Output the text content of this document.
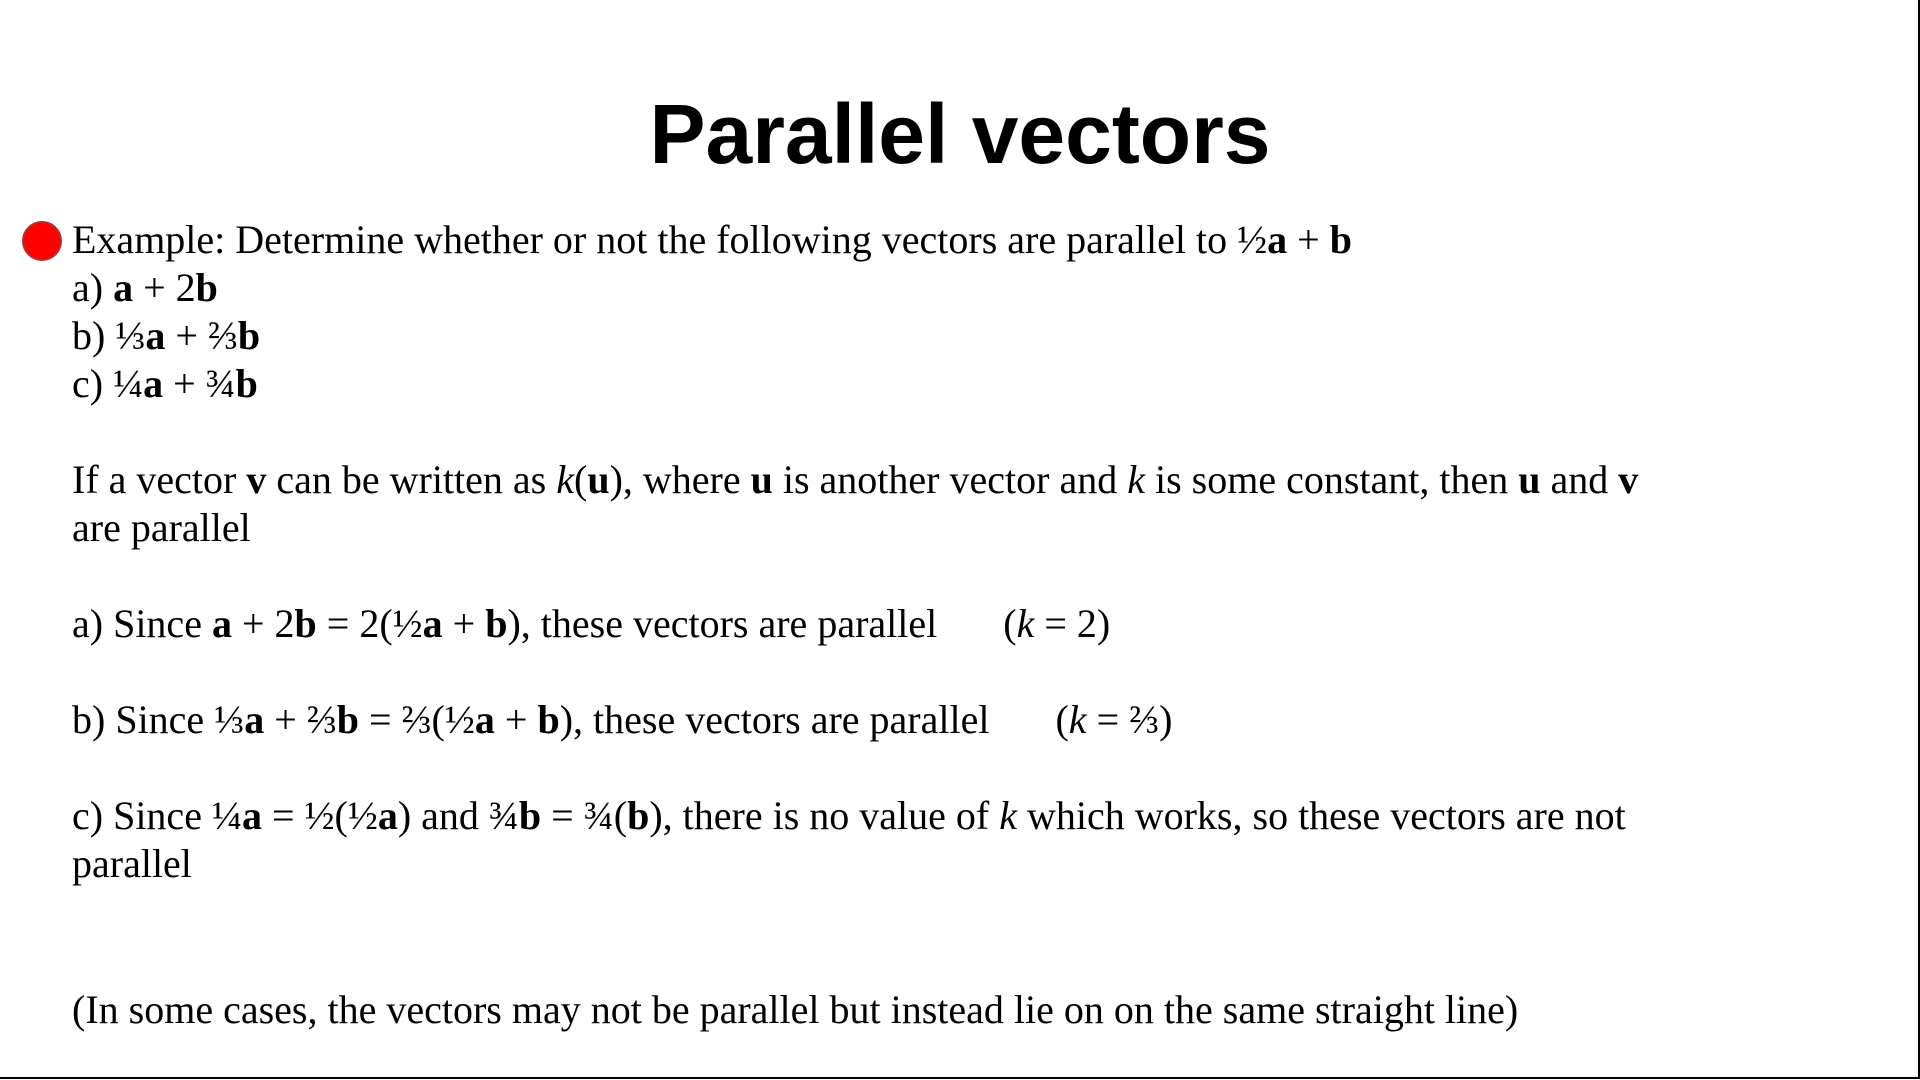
Parallel vectors

Example: Determine whether or not the following vectors are parallel to ½a + b

a) a + 2b

b) ⅓a + ⅔b

c) ¼a + ¾b

If a vector v can be written as k(u), where u is another vector and k is some constant, then u and v

are parallel

a) Since a + 2b = 2(½a + b), these vectors are parallel (k = 2)

b) Since ⅓a + ⅔b = ⅔(½a + b), these vectors are parallel (k = ⅔)

c) Since ¼a = ½(½a) and ¾b = ¾(b), there is no value of k which works, so these vectors are not

parallel

(In some cases, the vectors may not be parallel but instead lie on on the same straight line)
